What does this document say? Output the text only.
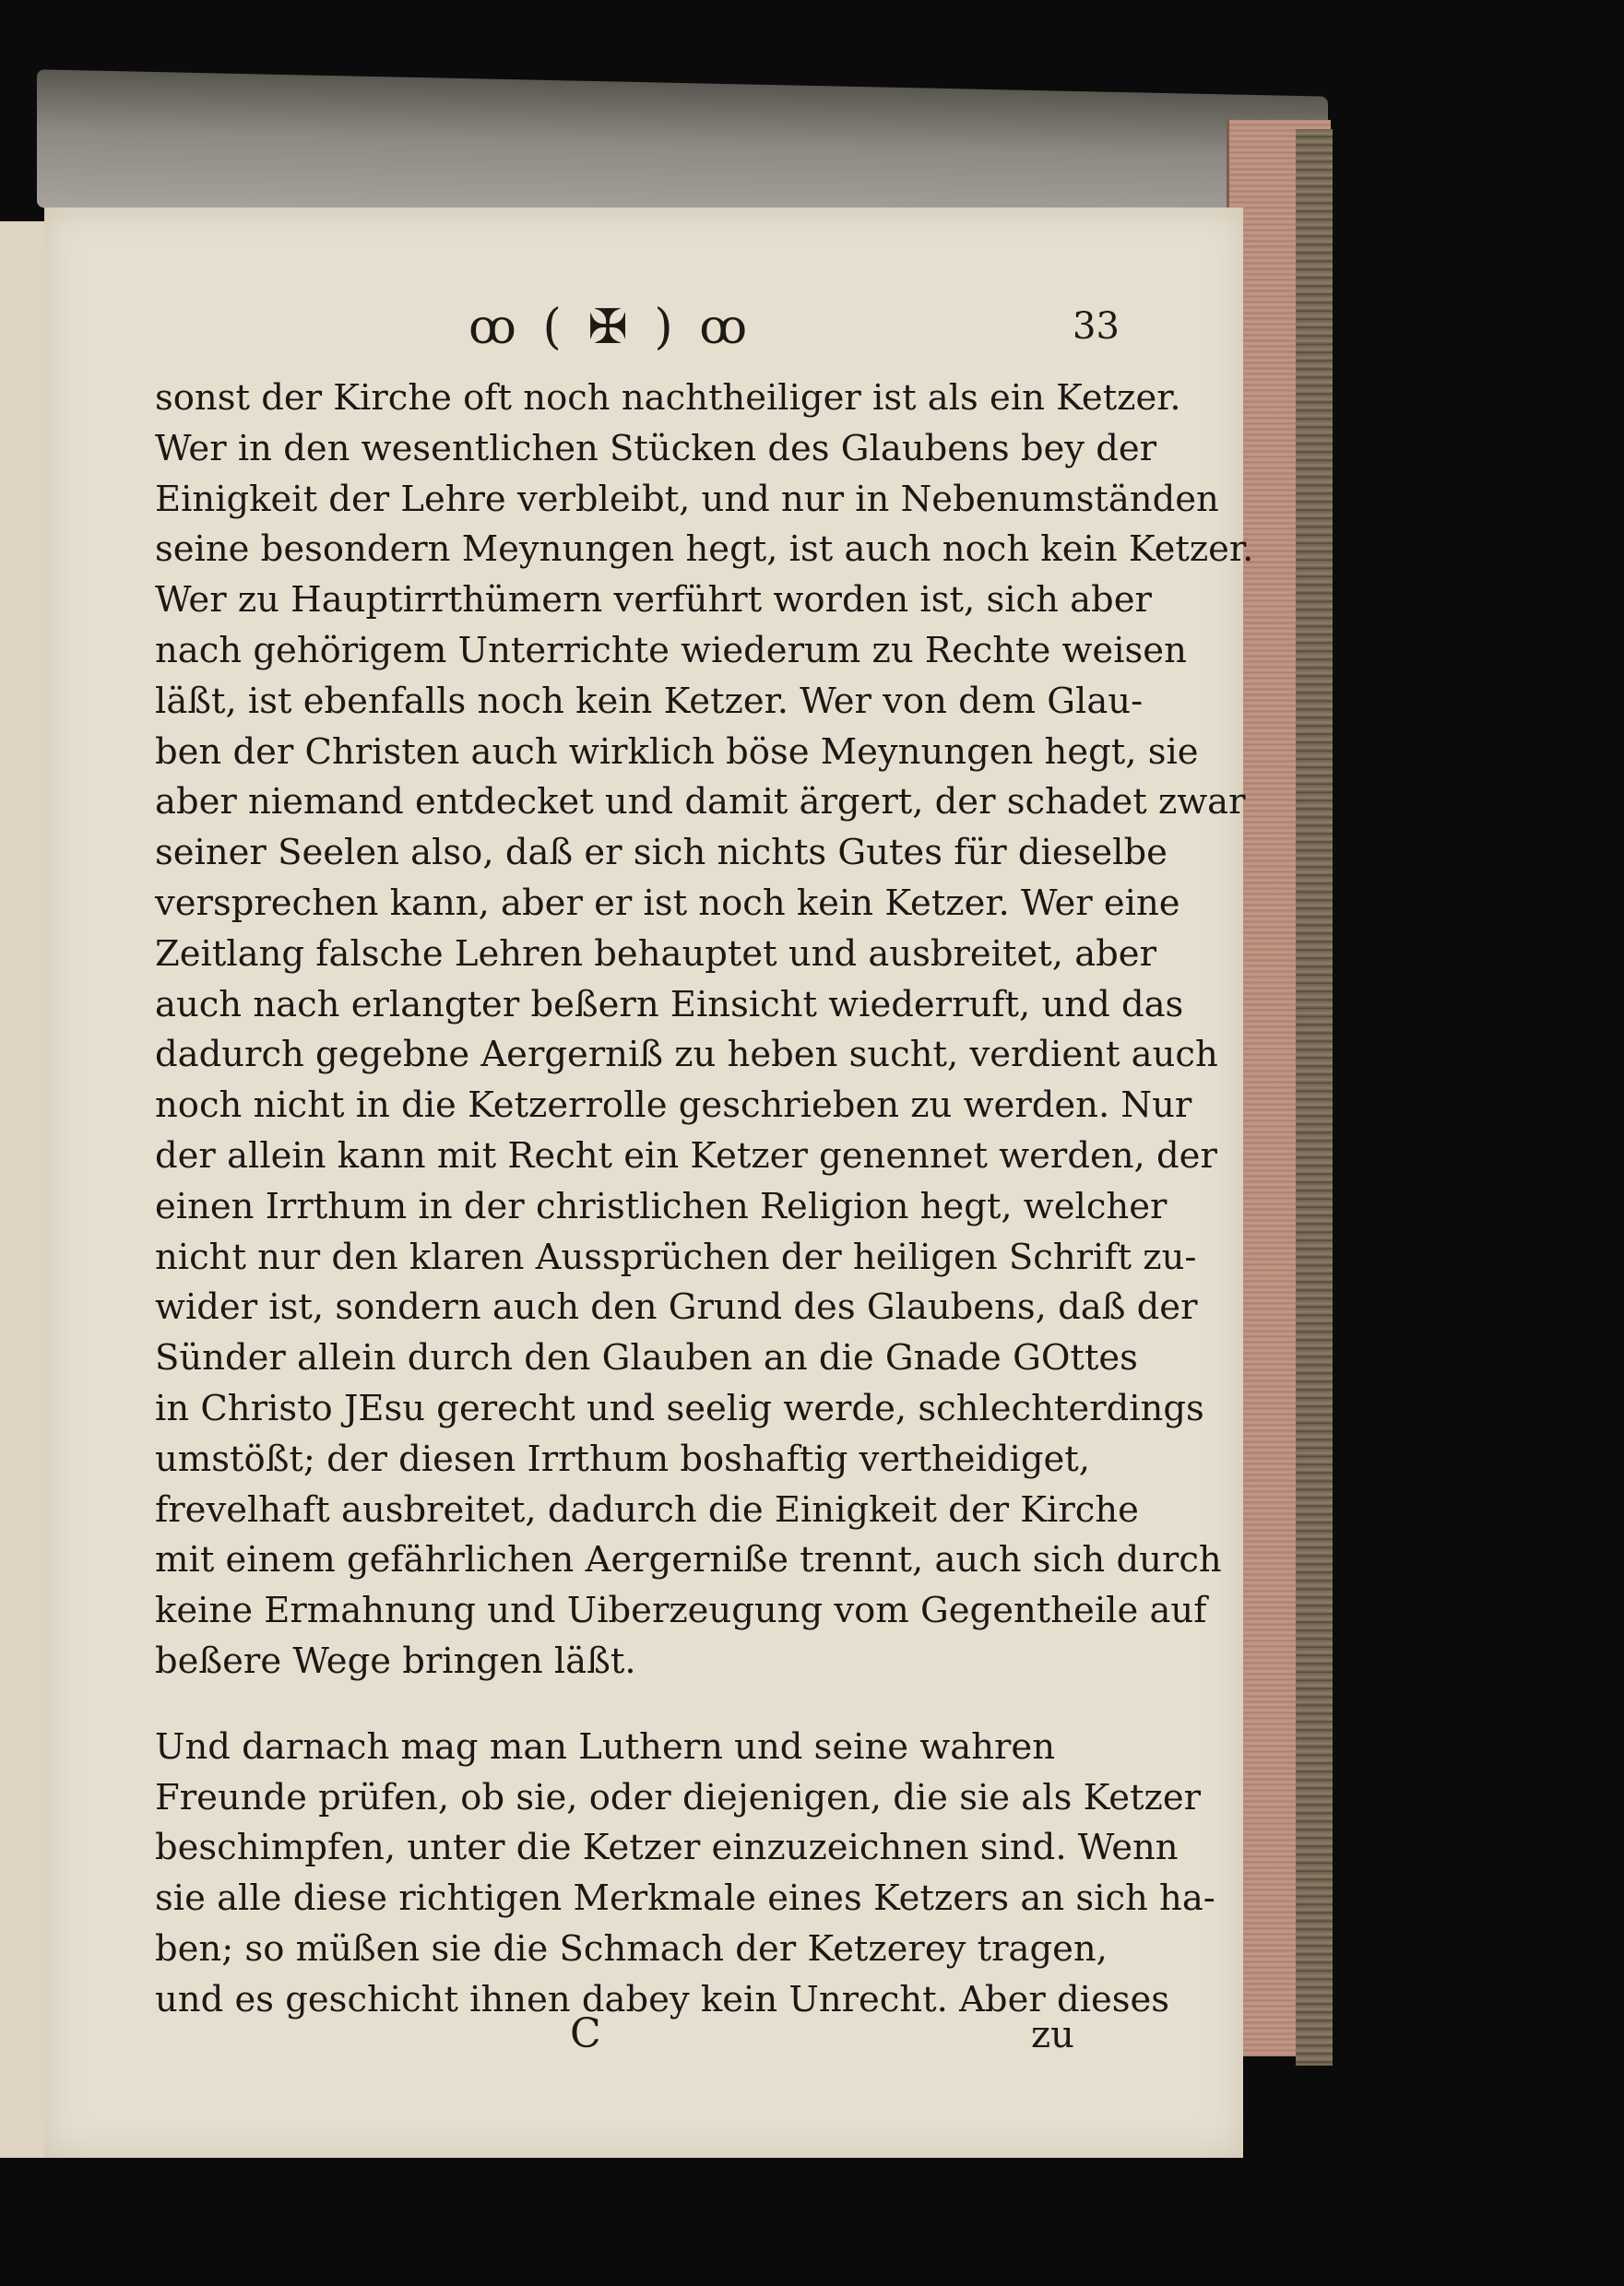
ꝏ ( ✠ ) ꝏ	33

sonst der Kirche oft noch nachtheiliger ist als ein Ketzer.

Wer in den wesentlichen Stücken des Glaubens bey der

Einigkeit der Lehre verbleibt, und nur in Nebenumständen

seine besondern Meynungen hegt, ist auch noch kein Ketzer.

Wer zu Hauptirrthümern verführt worden ist, sich aber

nach gehörigem Unterrichte wiederum zu Rechte weisen

läßt, ist ebenfalls noch kein Ketzer. Wer von dem Glau-

ben der Christen auch wirklich böse Meynungen hegt, sie

aber niemand entdecket und damit ärgert, der schadet zwar

seiner Seelen also, daß er sich nichts Gutes für dieselbe

versprechen kann, aber er ist noch kein Ketzer. Wer eine

Zeitlang falsche Lehren behauptet und ausbreitet, aber

auch nach erlangter beßern Einsicht wiederruft, und das

dadurch gegebne Aergerniß zu heben sucht, verdient auch

noch nicht in die Ketzerrolle geschrieben zu werden. Nur

der allein kann mit Recht ein Ketzer genennet werden, der

einen Irrthum in der christlichen Religion hegt, welcher

nicht nur den klaren Aussprüchen der heiligen Schrift zu-

wider ist, sondern auch den Grund des Glaubens, daß der

Sünder allein durch den Glauben an die Gnade GOttes

in Christo JEsu gerecht und seelig werde, schlechterdings

umstößt; der diesen Irrthum boshaftig vertheidiget,

frevelhaft ausbreitet, dadurch die Einigkeit der Kirche

mit einem gefährlichen Aergerniße trennt, auch sich durch

keine Ermahnung und Uiberzeugung vom Gegentheile auf

beßere Wege bringen läßt.

Und darnach mag man Luthern und seine wahren

Freunde prüfen, ob sie, oder diejenigen, die sie als Ketzer

beschimpfen, unter die Ketzer einzuzeichnen sind. Wenn

sie alle diese richtigen Merkmale eines Ketzers an sich ha-

ben; so müßen sie die Schmach der Ketzerey tragen,

und es geschicht ihnen dabey kein Unrecht. Aber dieses

C	zu
